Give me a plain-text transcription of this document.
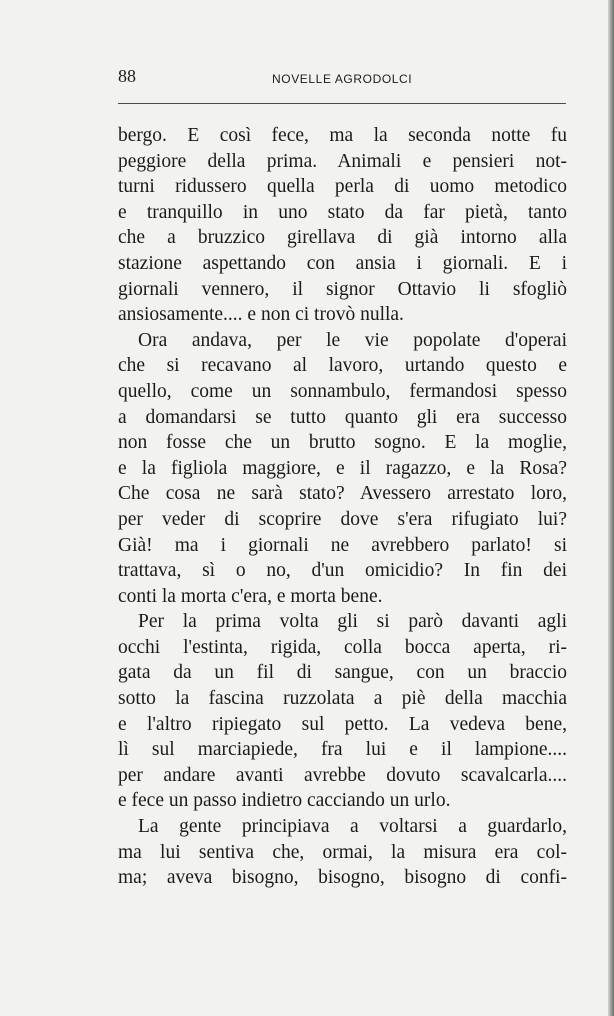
88	NOVELLE AGRODOLCI
bergo. E così fece, ma la seconda notte fu
peggiore della prima. Animali e pensieri not-
turni ridussero quella perla di uomo metodico
e tranquillo in uno stato da far pietà, tanto
che a bruzzico girellava di già intorno alla
stazione aspettando con ansia i giornali. E i
giornali vennero, il signor Ottavio li sfogliò
ansiosamente.... e non ci trovò nulla.
Ora andava, per le vie popolate d'operai
che si recavano al lavoro, urtando questo e
quello, come un sonnambulo, fermandosi spesso
a domandarsi se tutto quanto gli era successo
non fosse che un brutto sogno. E la moglie,
e la figliola maggiore, e il ragazzo, e la Rosa?
Che cosa ne sarà stato? Avessero arrestato loro,
per veder di scoprire dove s'era rifugiato lui?
Già! ma i giornali ne avrebbero parlato! si
trattava, sì o no, d'un omicidio? In fin dei
conti la morta c'era, e morta bene.
Per la prima volta gli si parò davanti agli
occhi l'estinta, rigida, colla bocca aperta, ri-
gata da un fil di sangue, con un braccio
sotto la fascina ruzzolata a piè della macchia
e l'altro ripiegato sul petto. La vedeva bene,
lì sul marciapiede, fra lui e il lampione....
per andare avanti avrebbe dovuto scavalcarla....
e fece un passo indietro cacciando un urlo.
La gente principiava a voltarsi a guardarlo,
ma lui sentiva che, ormai, la misura era col-
ma; aveva bisogno, bisogno, bisogno di confi-
